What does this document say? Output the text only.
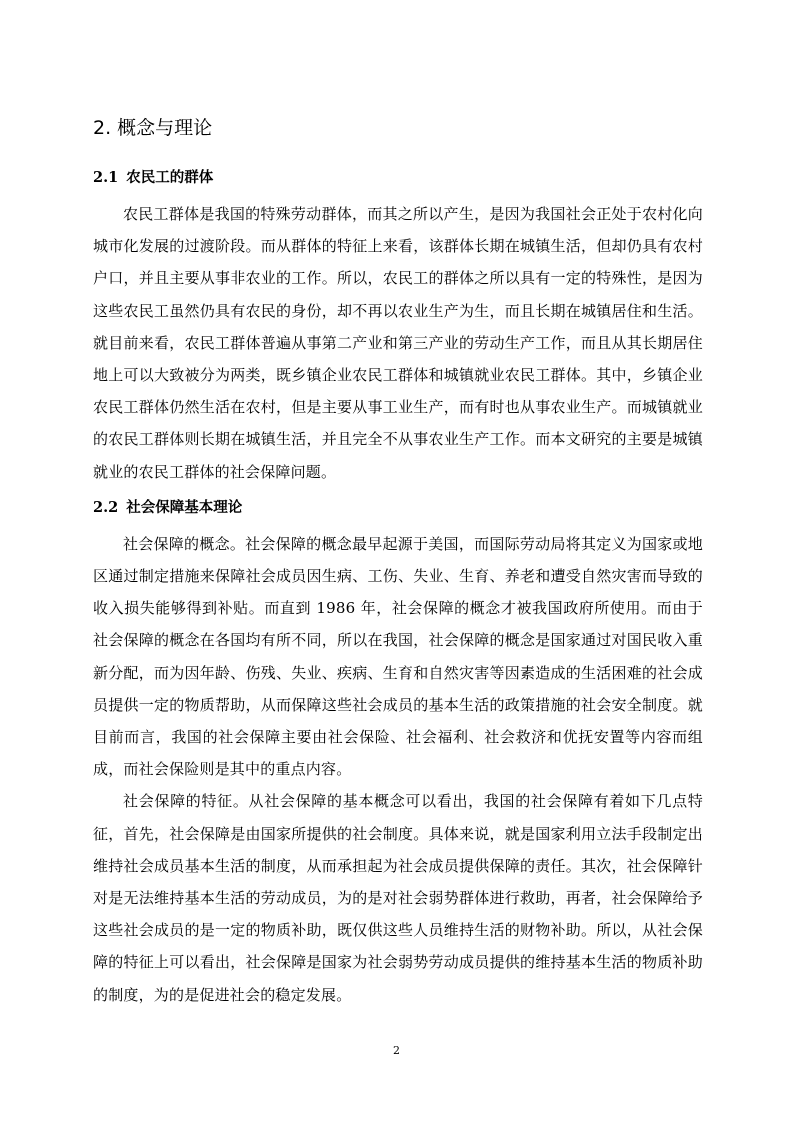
2. 概念与理论
2.1 农民工的群体

农民工群体是我国的特殊劳动群体，而其之所以产生，是因为我国社会正处于农村化向城市化发展的过渡阶段。而从群体的特征上来看，该群体长期在城镇生活，但却仍具有农村户口，并且主要从事非农业的工作。所以，农民工的群体之所以具有一定的特殊性，是因为这些农民工虽然仍具有农民的身份，却不再以农业生产为生，而且长期在城镇居住和生活。就目前来看，农民工群体普遍从事第二产业和第三产业的劳动生产工作，而且从其长期居住地上可以大致被分为两类，既乡镇企业农民工群体和城镇就业农民工群体。其中，乡镇企业农民工群体仍然生活在农村，但是主要从事工业生产，而有时也从事农业生产。而城镇就业的农民工群体则长期在城镇生活，并且完全不从事农业生产工作。而本文研究的主要是城镇就业的农民工群体的社会保障问题。

2.2 社会保障基本理论

社会保障的概念。社会保障的概念最早起源于美国，而国际劳动局将其定义为国家或地区通过制定措施来保障社会成员因生病、工伤、失业、生育、养老和遭受自然灾害而导致的收入损失能够得到补贴。而直到 1986 年，社会保障的概念才被我国政府所使用。而由于社会保障的概念在各国均有所不同，所以在我国，社会保障的概念是国家通过对国民收入重新分配，而为因年龄、伤残、失业、疾病、生育和自然灾害等因素造成的生活困难的社会成员提供一定的物质帮助，从而保障这些社会成员的基本生活的政策措施的社会安全制度。就目前而言，我国的社会保障主要由社会保险、社会福利、社会救济和优抚安置等内容而组成，而社会保险则是其中的重点内容。

社会保障的特征。从社会保障的基本概念可以看出，我国的社会保障有着如下几点特征，首先，社会保障是由国家所提供的社会制度。具体来说，就是国家利用立法手段制定出维持社会成员基本生活的制度，从而承担起为社会成员提供保障的责任。其次，社会保障针对是无法维持基本生活的劳动成员，为的是对社会弱势群体进行救助，再者，社会保障给予这些社会成员的是一定的物质补助，既仅供这些人员维持生活的财物补助。所以，从社会保障的特征上可以看出，社会保障是国家为社会弱势劳动成员提供的维持基本生活的物质补助的制度，为的是促进社会的稳定发展。

2
